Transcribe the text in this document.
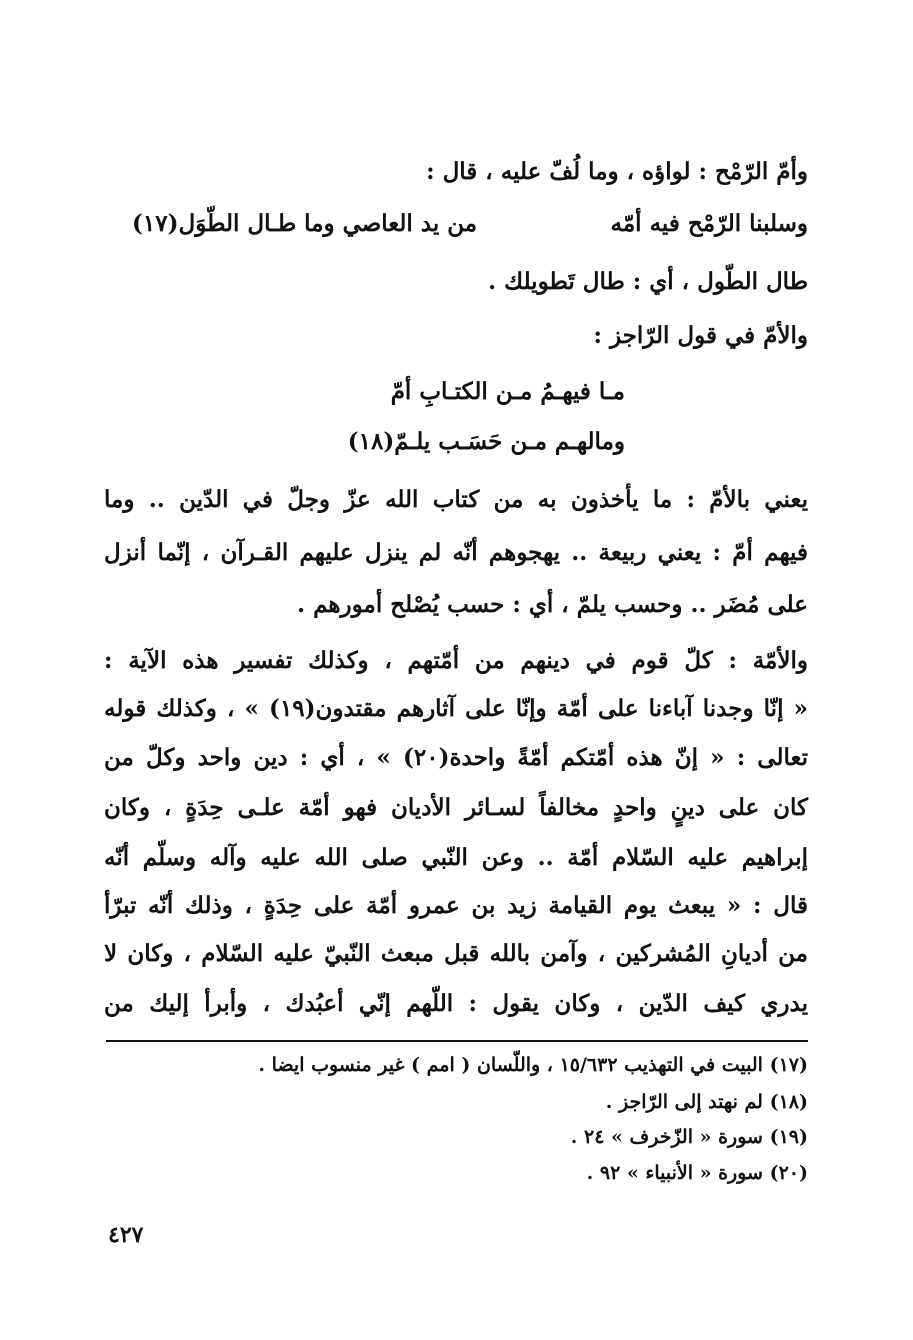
وأمّ الرّمْح : لواؤه ، وما لُفّ عليه ، قال :
وسلبنا الرّمْح فيه أمّه
من يد العاصي وما طـال الطّوَل(١٧)
طال الطّول ، أي : طال تَطويلك .
والأمّ في قول الرّاجز :
مـا فيهـمُ مـن الكتـابِ أمّ
ومالهـم مـن حَسَـب يلـمّ(١٨)
يعني بالأمّ : ما يأخذون به من كتاب الله عزّ وجلّ في الدّين .. وما
فيهم أمّ : يعني ربيعة .. يهجوهم أنّه لم ينزل عليهم القـرآن ، إنّما أنزل
على مُضَر .. وحسب يلمّ ، أي : حسب يُصْلح أمورهم .
والأمّة : كلّ قوم في دينهم من أمّتهم ، وكذلك تفسير هذه الآية :
« إنّا وجدنا آباءنا على أمّة وإنّا على آثارهم مقتدون(١٩) » ، وكذلك قوله
تعالى : « إنّ هذه أمّتكم أمّةً واحدة(٢٠) » ، أي : دين واحد وكلّ من
كان على دينٍ واحدٍ مخالفاً لسـائر الأديان فهو أمّة علـى حِدَةٍ ، وكان
إبراهيم عليه السّلام أمّة .. وعن النّبي صلى الله عليه وآله وسلّم أنّه
قال : « يبعث يوم القيامة زيد بن عمرو أمّة على حِدَةٍ ، وذلك أنّه تبرّأ
من أديانِ المُشركين ، وآمن بالله قبل مبعث النّبيّ عليه السّلام ، وكان لا
يدري كيف الدّين ، وكان يقول : اللّهم إنّي أعبُدك ، وأبرأ إليك من
(١٧) البيت في التهذيب ١٥/٦٣٢ ، واللّسان ( امم ) غير منسوب ايضا .
(١٨) لم نهتد إلى الرّاجز .
(١٩) سورة « الزّخرف » ٢٤ .
(٢٠) سورة « الأنبياء » ٩٢ .
٤٢٧
